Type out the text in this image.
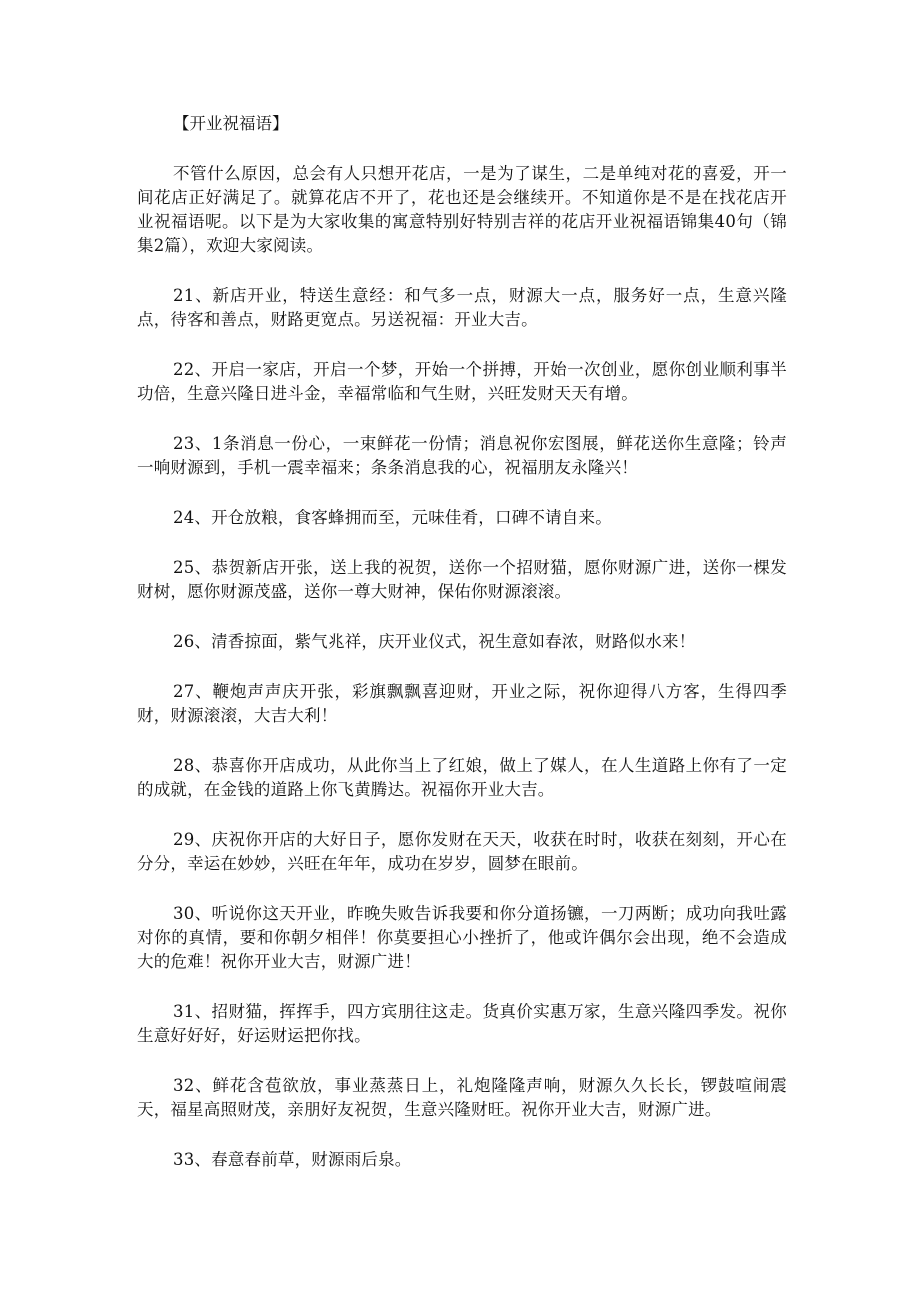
【开业祝福语】

不管什么原因，总会有人只想开花店，一是为了谋生，二是单纯对花的喜爱，开一间花店正好满足了。就算花店不开了，花也还是会继续开。不知道你是不是在找花店开业祝福语呢。以下是为大家收集的寓意特别好特别吉祥的花店开业祝福语锦集40句（锦集2篇），欢迎大家阅读。

21、新店开业，特送生意经：和气多一点，财源大一点，服务好一点，生意兴隆点，待客和善点，财路更宽点。另送祝福：开业大吉。

22、开启一家店，开启一个梦，开始一个拼搏，开始一次创业，愿你创业顺利事半功倍，生意兴隆日进斗金，幸福常临和气生财，兴旺发财天天有增。

23、1条消息一份心，一束鲜花一份情；消息祝你宏图展，鲜花送你生意隆；铃声一响财源到，手机一震幸福来；条条消息我的心，祝福朋友永隆兴！

24、开仓放粮，食客蜂拥而至，元味佳肴，口碑不请自来。

25、恭贺新店开张，送上我的祝贺，送你一个招财猫，愿你财源广进，送你一棵发财树，愿你财源茂盛，送你一尊大财神，保佑你财源滚滚。

26、清香掠面，紫气兆祥，庆开业仪式，祝生意如春浓，财路似水来！

27、鞭炮声声庆开张，彩旗飘飘喜迎财，开业之际，祝你迎得八方客，生得四季财，财源滚滚，大吉大利！

28、恭喜你开店成功，从此你当上了红娘，做上了媒人，在人生道路上你有了一定的成就，在金钱的道路上你飞黄腾达。祝福你开业大吉。

29、庆祝你开店的大好日子，愿你发财在天天，收获在时时，收获在刻刻，开心在分分，幸运在妙妙，兴旺在年年，成功在岁岁，圆梦在眼前。

30、听说你这天开业，昨晚失败告诉我要和你分道扬镳，一刀两断；成功向我吐露对你的真情，要和你朝夕相伴！你莫要担心小挫折了，他或许偶尔会出现，绝不会造成大的危难！祝你开业大吉，财源广进！

31、招财猫，挥挥手，四方宾朋往这走。货真价实惠万家，生意兴隆四季发。祝你生意好好好，好运财运把你找。

32、鲜花含苞欲放，事业蒸蒸日上，礼炮隆隆声响，财源久久长长，锣鼓喧闹震天，福星高照财茂，亲朋好友祝贺，生意兴隆财旺。祝你开业大吉，财源广进。

33、春意春前草，财源雨后泉。
